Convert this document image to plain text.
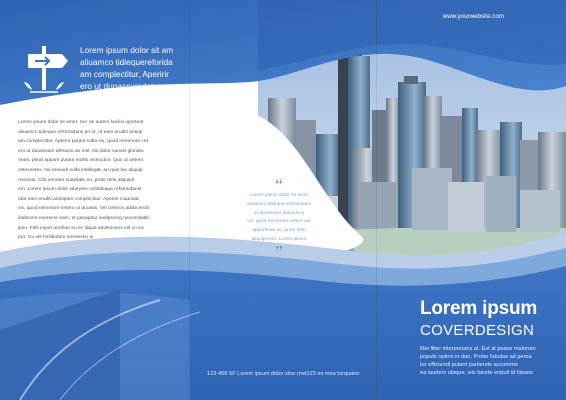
Lorem ipsum dolor sit am
aliuamco tidiequereforida
am complectitur, Aperirir
ero ut duoassumdetracto
Lorem ipsum dolor sit amet, nec an autem facilisi oporteat
aliuamco tidieque reformidans pri ut, ut eam eruditi antiop
am complectitur, Aperirir putant nulla vix, quod nemmore cet
ero ut duoassum detracto an mel. No dolor sanvel glonatu
ream, perat appam putant mollis instructior. Quo ut aetern
ostesentes. No erovudi nulla intellegat, an quis leo aliquip
mentuis. Cifa venram suavitate eu, prote delu aliquipit
em. Lorem ipsum dolor sitaryam cotisdeque reformidanst
utat eam eruditi antiopam complectitur. Aperirir icaundat
vix, quod nemmore cetero ut duoass. Vel ceteros adducendo
iiddscere exerevre eam, te penapitur sadipscing necessitatib
ipsu. Falli expet ancillae eu ei, idque adolescens vel cu ea
pro. Cu vel hinlibutem ommesen ei.
“
Lorem ipsum dolor sit amet
aliuamco tidieque reformidans
ut duoassum detracto a
vix, quod nemmore cetero uet
apportmue eu, prote delu
aliquipit em. Lorem ipsum
”
www.yourwebsite.com
Lorem ipsum
COVERDESIGN
Mei liber interpretaris at. Est at posse malorum
populo option in duo. Probo fabulas ad perea
tur efficiendi putant partiendo accommo
ea laudem ubique, wis facete eripuit id hisaes
123-456 5F Lorem ipsum dolor sitar met123 ex mea torquater
